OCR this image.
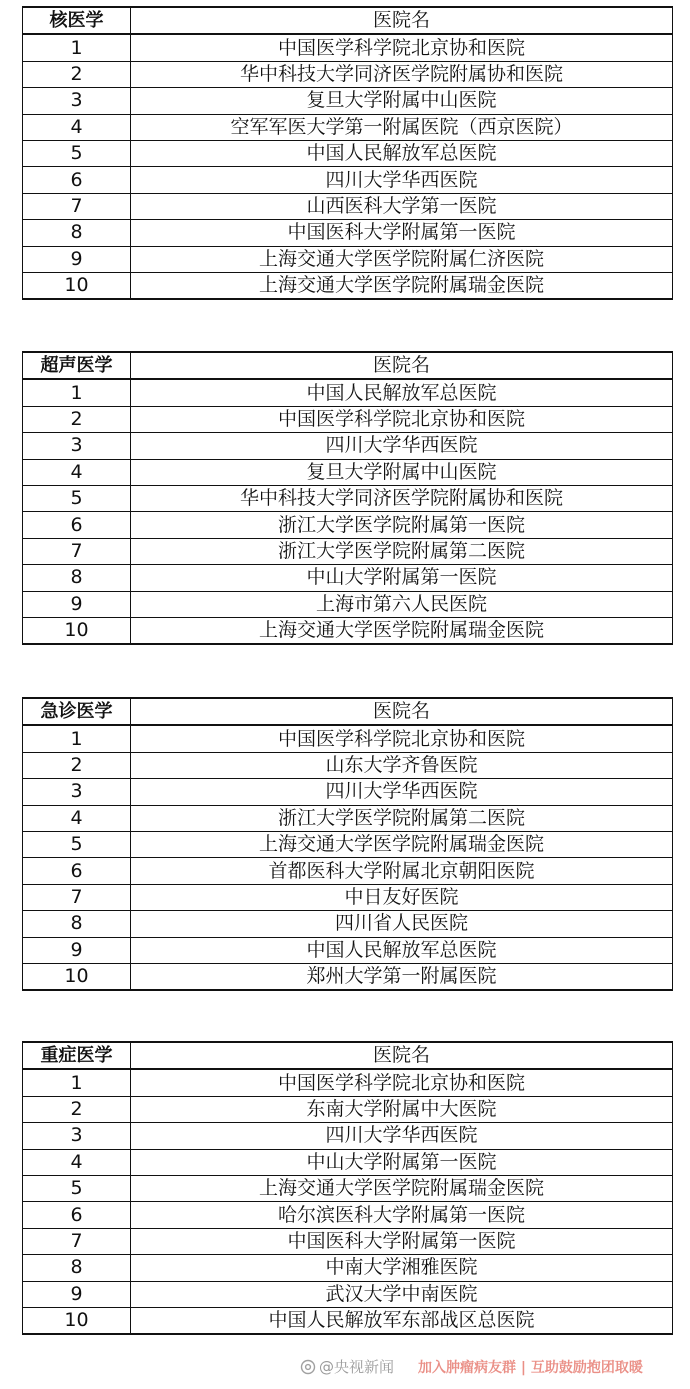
核医学	医院名
1	中国医学科学院北京协和医院
2	华中科技大学同济医学院附属协和医院
3	复旦大学附属中山医院
4	空军军医大学第一附属医院（西京医院）
5	中国人民解放军总医院
6	四川大学华西医院
7	山西医科大学第一医院
8	中国医科大学附属第一医院
9	上海交通大学医学院附属仁济医院
10	上海交通大学医学院附属瑞金医院
超声医学	医院名
1	中国人民解放军总医院
2	中国医学科学院北京协和医院
3	四川大学华西医院
4	复旦大学附属中山医院
5	华中科技大学同济医学院附属协和医院
6	浙江大学医学院附属第一医院
7	浙江大学医学院附属第二医院
8	中山大学附属第一医院
9	上海市第六人民医院
10	上海交通大学医学院附属瑞金医院
急诊医学	医院名
1	中国医学科学院北京协和医院
2	山东大学齐鲁医院
3	四川大学华西医院
4	浙江大学医学院附属第二医院
5	上海交通大学医学院附属瑞金医院
6	首都医科大学附属北京朝阳医院
7	中日友好医院
8	四川省人民医院
9	中国人民解放军总医院
10	郑州大学第一附属医院
重症医学	医院名
1	中国医学科学院北京协和医院
2	东南大学附属中大医院
3	四川大学华西医院
4	中山大学附属第一医院
5	上海交通大学医学院附属瑞金医院
6	哈尔滨医科大学附属第一医院
7	中国医科大学附属第一医院
8	中南大学湘雅医院
9	武汉大学中南医院
10	中国人民解放军东部战区总医院
@央视新闻 加入肿瘤病友群 | 互助鼓励抱团取暖
